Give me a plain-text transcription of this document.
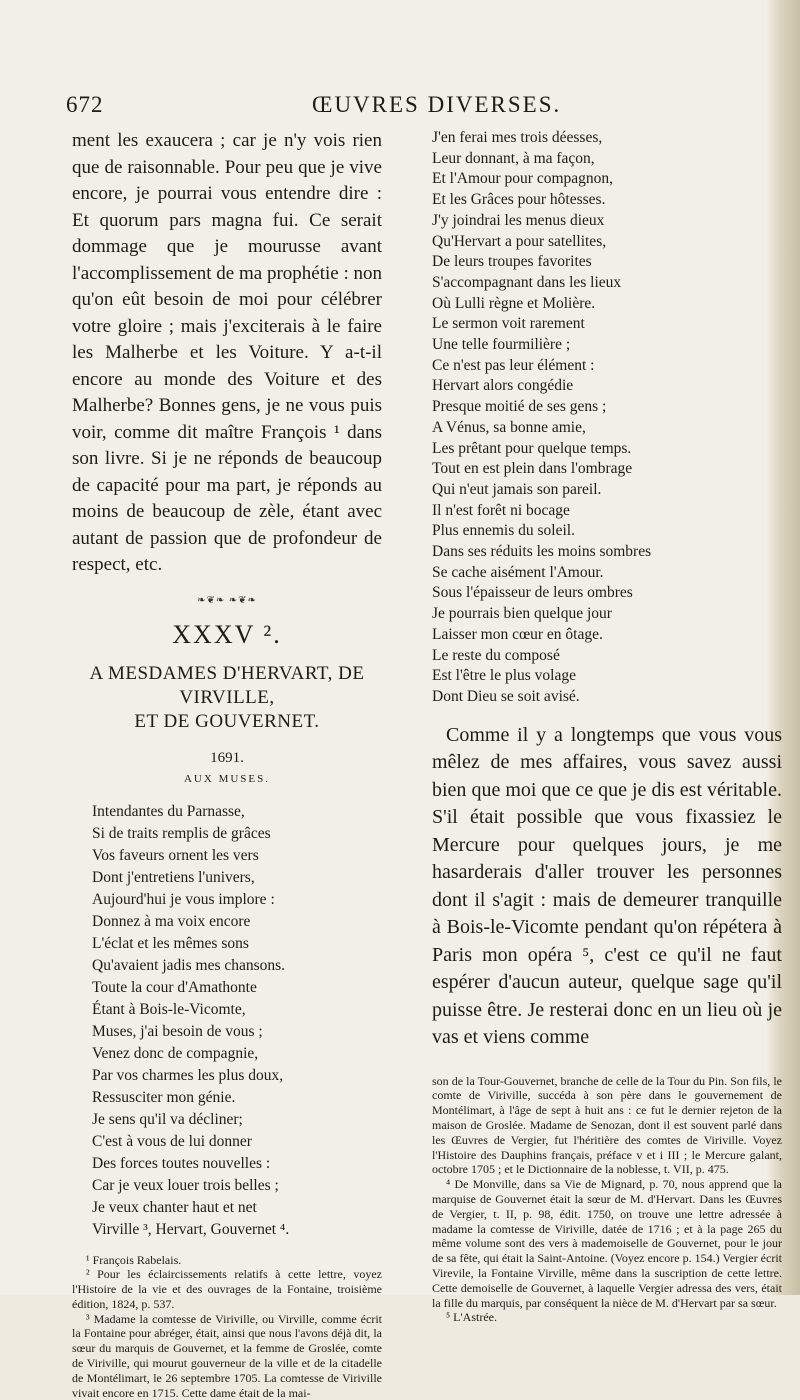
672	ŒUVRES DIVERSES.

ment les exaucera ; car je n'y vois rien que de raisonnable. Pour peu que je vive encore, je pourrai vous entendre dire : Et quorum pars magna fui. Ce serait dommage que je mourusse avant l'accomplissement de ma prophétie : non qu'on eût besoin de moi pour célébrer votre gloire ; mais j'exciterais à le faire les Malherbe et les Voiture. Y a-t-il encore au monde des Voiture et des Malherbe? Bonnes gens, je ne vous puis voir, comme dit maître François ¹ dans son livre. Si je ne réponds de beaucoup de capacité pour ma part, je réponds au moins de beaucoup de zèle, étant avec autant de passion que de profondeur de respect, etc.

❧❦❧ ❧❦❧
XXXV ².
A MESDAMES D'HERVART, DE VIRVILLE,
ET DE GOUVERNET.
1691.
AUX MUSES.
Intendantes du Parnasse,
Si de traits remplis de grâces
Vos faveurs ornent les vers
Dont j'entretiens l'univers,
Aujourd'hui je vous implore :
Donnez à ma voix encore
L'éclat et les mêmes sons
Qu'avaient jadis mes chansons.
Toute la cour d'Amathonte
Étant à Bois-le-Vicomte,
Muses, j'ai besoin de vous ;
Venez donc de compagnie,
Par vos charmes les plus doux,
Ressusciter mon génie.
Je sens qu'il va décliner;
C'est à vous de lui donner
Des forces toutes nouvelles :
Car je veux louer trois belles ;
Je veux chanter haut et net
Virville ³, Hervart, Gouvernet ⁴.
¹ François Rabelais.
² Pour les éclaircissements relatifs à cette lettre, voyez l'Histoire de la vie et des ouvrages de la Fontaine, troisième édition, 1824, p. 537.
³ Madame la comtesse de Viriville, ou Virville, comme écrit la Fontaine pour abréger, était, ainsi que nous l'avons déjà dit, la sœur du marquis de Gouvernet, et la femme de Groslée, comte de Viriville, qui mourut gouverneur de la ville et de la citadelle de Montélimart, le 26 septembre 1705. La comtesse de Viriville vivait encore en 1715. Cette dame était de la mai-
J'en ferai mes trois déesses,
Leur donnant, à ma façon,
Et l'Amour pour compagnon,
Et les Grâces pour hôtesses.
J'y joindrai les menus dieux
Qu'Hervart a pour satellites,
De leurs troupes favorites
S'accompagnant dans les lieux
Où Lulli règne et Molière.
Le sermon voit rarement
Une telle fourmilière ;
Ce n'est pas leur élément :
Hervart alors congédie
Presque moitié de ses gens ;
A Vénus, sa bonne amie,
Les prêtant pour quelque temps.
Tout en est plein dans l'ombrage
Qui n'eut jamais son pareil.
Il n'est forêt ni bocage
Plus ennemis du soleil.
Dans ses réduits les moins sombres
Se cache aisément l'Amour.
Sous l'épaisseur de leurs ombres
Je pourrais bien quelque jour
Laisser mon cœur en ôtage.
Le reste du composé
Est l'être le plus volage
Dont Dieu se soit avisé.

Comme il y a longtemps que vous vous mêlez de mes affaires, vous savez aussi bien que moi que ce que je dis est véritable. S'il était possible que vous fixassiez le Mercure pour quelques jours, je me hasarderais d'aller trouver les personnes dont il s'agit : mais de demeurer tranquille à Bois-le-Vicomte pendant qu'on répétera à Paris mon opéra ⁵, c'est ce qu'il ne faut espérer d'aucun auteur, quelque sage qu'il puisse être. Je resterai donc en un lieu où je vas et viens comme

son de la Tour-Gouvernet, branche de celle de la Tour du Pin. Son fils, le comte de Viriville, succéda à son père dans le gouvernement de Montélimart, à l'âge de sept à huit ans : ce fut le dernier rejeton de la maison de Groslée. Madame de Senozan, dont il est souvent parlé dans les Œuvres de Vergier, fut l'héritière des comtes de Viriville. Voyez l'Histoire des Dauphins français, préface v et i III ; le Mercure galant, octobre 1705 ; et le Dictionnaire de la noblesse, t. VII, p. 475.
⁴ De Monville, dans sa Vie de Mignard, p. 70, nous apprend que la marquise de Gouvernet était la sœur de M. d'Hervart. Dans les Œuvres de Vergier, t. II, p. 98, édit. 1750, on trouve une lettre adressée à madame la comtesse de Viriville, datée de 1716 ; et à la page 265 du même volume sont des vers à mademoiselle de Gouvernet, pour le jour de sa fête, qui était la Saint-Antoine. (Voyez encore p. 154.) Vergier écrit Virevile, la Fontaine Virville, même dans la suscription de cette lettre. Cette demoiselle de Gouvernet, à laquelle Vergier adressa des vers, était la fille du marquis, par conséquent la nièce de M. d'Hervart par sa sœur.
⁵ L'Astrée.
